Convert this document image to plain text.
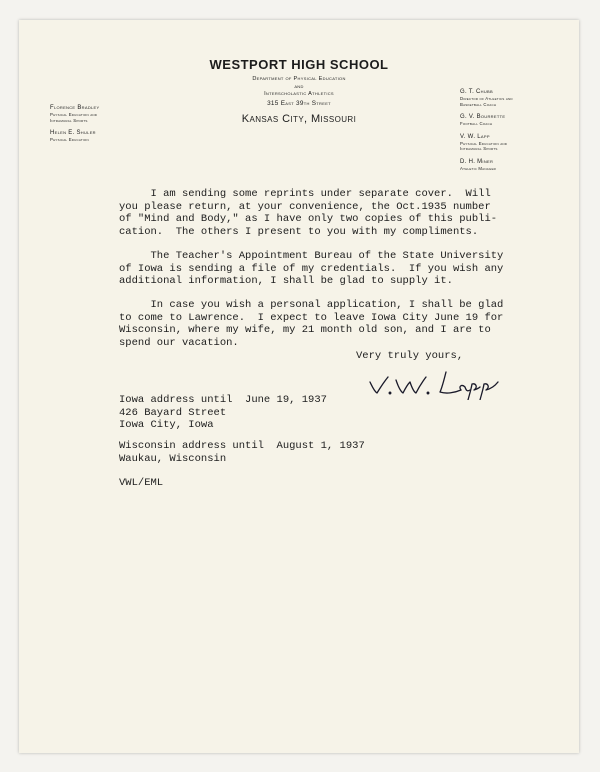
WESTPORT HIGH SCHOOL
Department of Physical Education
and
Interscholastic Athletics
315 East 39th Street
Kansas City, Missouri
Florence Bradley
Physical Education and
Intramural Sports
Helen E. Shuler
Physical Education
G. T. Chubb
Director of Athletics and
Basketball Coach
G. V. Bourrette
Football Coach
V. W. Lapp
Physical Education and
Intramural Sports
D. H. Miner
Athletic Manager
I am sending some reprints under separate cover.  Will
you please return, at your convenience, the Oct.1935 number
of "Mind and Body," as I have only two copies of this publi-
cation.  The others I present to you with my compliments.
The Teacher's Appointment Bureau of the State University
of Iowa is sending a file of my credentials.  If you wish any
additional information, I shall be glad to supply it.
In case you wish a personal application, I shall be glad
to come to Lawrence.  I expect to leave Iowa City June 19 for
Wisconsin, where my wife, my 21 month old son, and I are to
spend our vacation.
Very truly yours,
Iowa address until  June 19, 1937
426 Bayard Street
Iowa City, Iowa
Wisconsin address until  August 1, 1937
Waukau, Wisconsin
VWL/EML
